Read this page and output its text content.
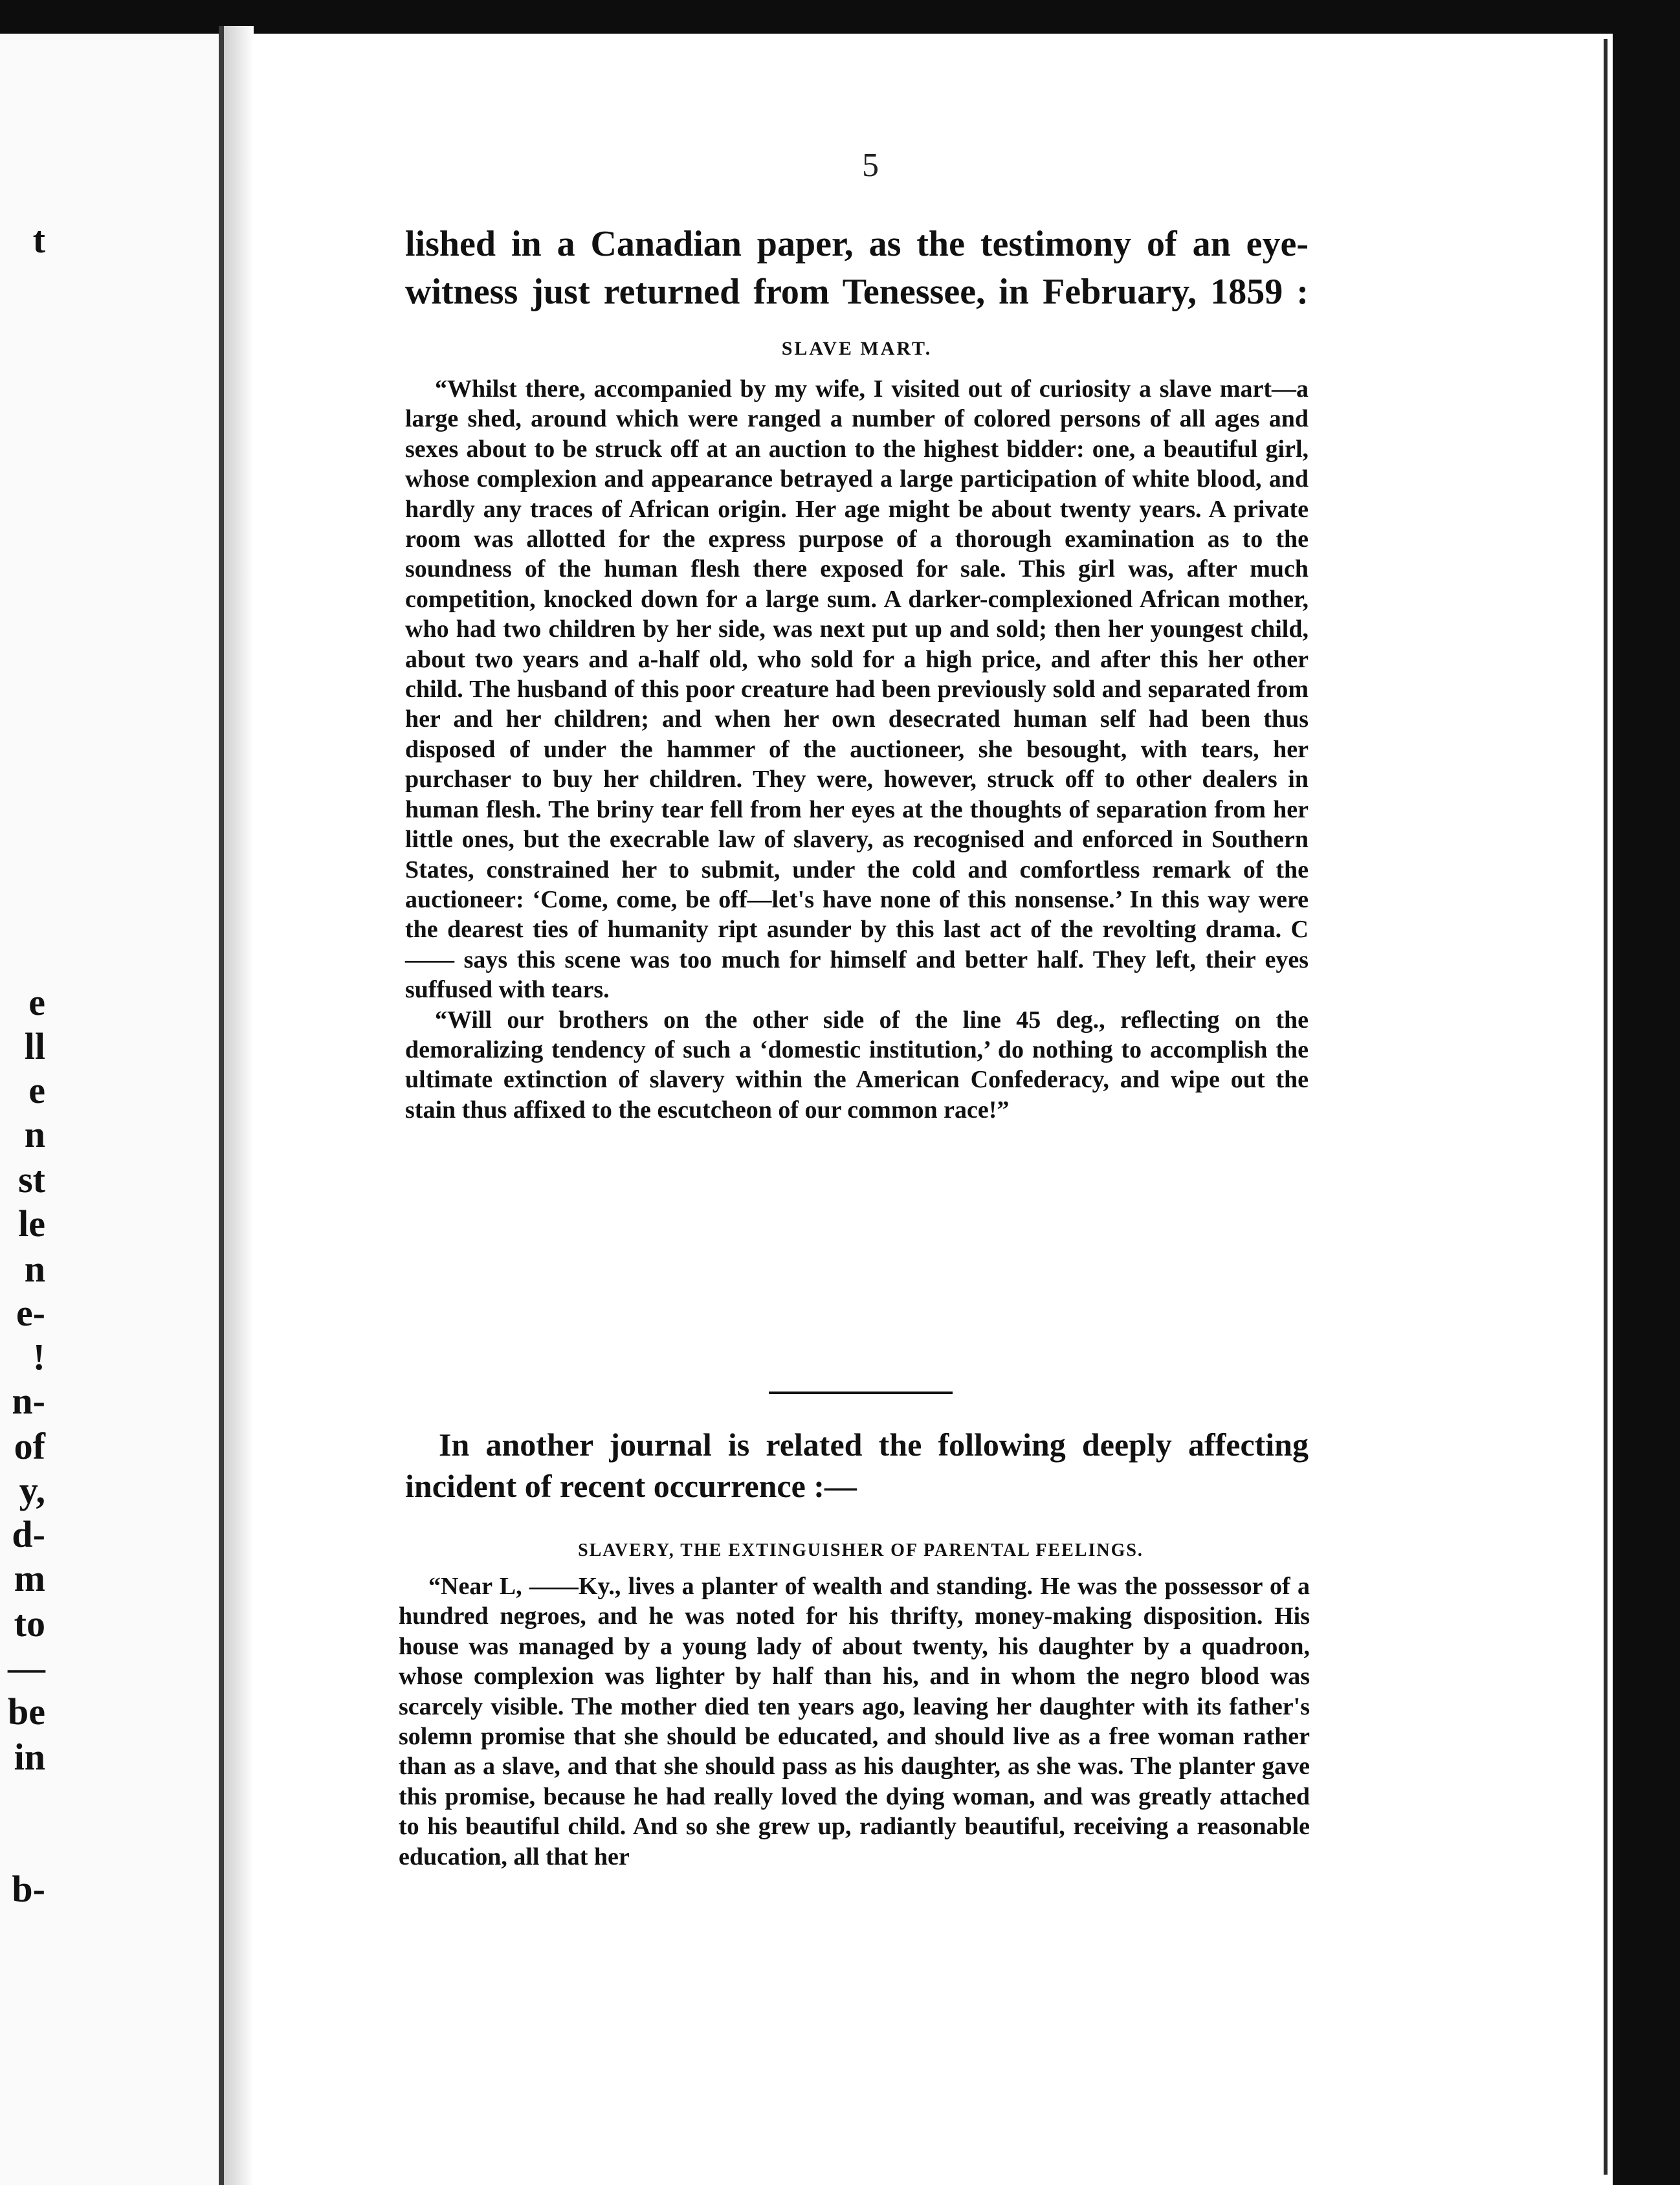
t
e
ll
e
n
st
le
n
e-
!
n-
of
y,
d-
m
to
—
be
in
b-
5
lished in a Canadian paper, as the testimony of an eye-witness just returned from Tenessee, in February, 1859 :
SLAVE MART.

“Whilst there, accompanied by my wife, I visited out of curiosity a slave mart—a large shed, around which were ranged a number of colored persons of all ages and sexes about to be struck off at an auction to the highest bidder: one, a beautiful girl, whose complexion and appearance betrayed a large participation of white blood, and hardly any traces of African origin. Her age might be about twenty years. A private room was allotted for the express purpose of a thorough examination as to the soundness of the human flesh there exposed for sale. This girl was, after much competition, knocked down for a large sum. A darker-complexioned African mother, who had two children by her side, was next put up and sold; then her youngest child, about two years and a-half old, who sold for a high price, and after this her other child. The husband of this poor creature had been previously sold and separated from her and her children; and when her own desecrated human self had been thus disposed of under the hammer of the auctioneer, she besought, with tears, her purchaser to buy her children. They were, however, struck off to other dealers in human flesh. The briny tear fell from her eyes at the thoughts of separation from her little ones, but the execrable law of slavery, as recognised and enforced in Southern States, constrained her to submit, under the cold and comfortless remark of the auctioneer: ‘Come, come, be off—let's have none of this nonsense.’ In this way were the dearest ties of humanity ript asunder by this last act of the revolting drama. C—— says this scene was too much for himself and better half. They left, their eyes suffused with tears.

“Will our brothers on the other side of the line 45 deg., reflecting on the demoralizing tendency of such a ‘domestic institution,’ do nothing to accomplish the ultimate extinction of slavery within the American Confederacy, and wipe out the stain thus affixed to the escutcheon of our common race!”

In another journal is related the following deeply affecting incident of recent occurrence :—

SLAVERY, THE EXTINGUISHER OF PARENTAL FEELINGS.

“Near L, ——Ky., lives a planter of wealth and standing. He was the possessor of a hundred negroes, and he was noted for his thrifty, money-making disposition. His house was managed by a young lady of about twenty, his daughter by a quadroon, whose complexion was lighter by half than his, and in whom the negro blood was scarcely visible. The mother died ten years ago, leaving her daughter with its father's solemn promise that she should be educated, and should live as a free woman rather than as a slave, and that she should pass as his daughter, as she was. The planter gave this promise, because he had really loved the dying woman, and was greatly attached to his beautiful child. And so she grew up, radiantly beautiful, receiving a reasonable education, all that her
